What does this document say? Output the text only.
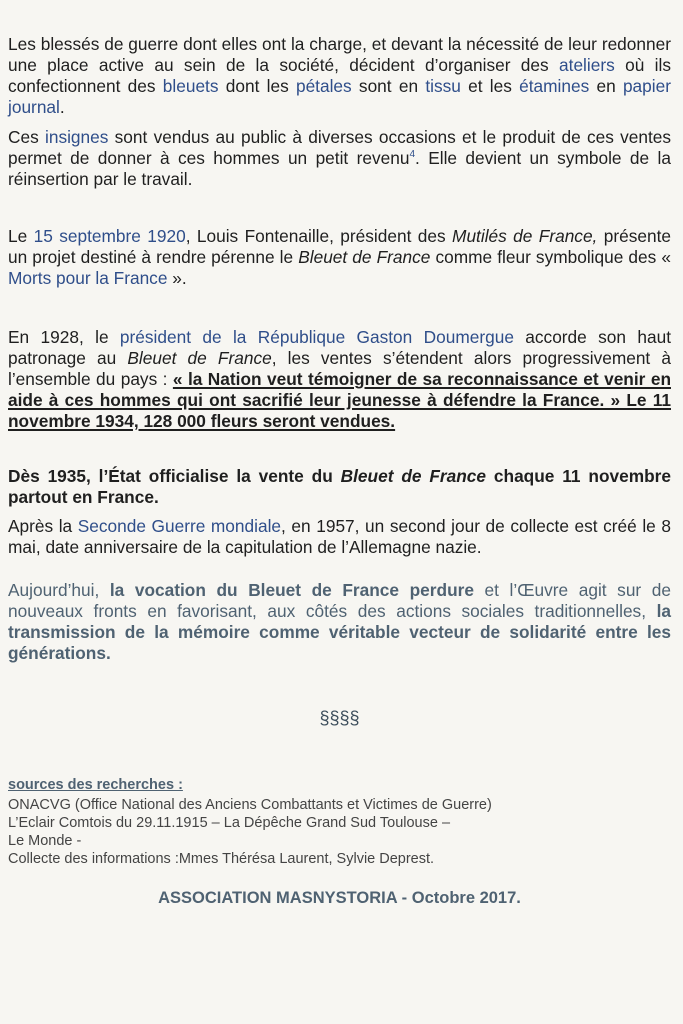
Les blessés de guerre dont elles ont la charge, et devant la nécessité de leur redonner une place active au sein de la société, décident d’organiser des ateliers où ils confectionnent des bleuets dont les pétales sont en tissu et les étamines en papier journal.

Ces insignes sont vendus au public à diverses occasions et le produit de ces ventes permet de donner à ces hommes un petit revenu$^4$. Elle devient un symbole de la réinsertion par le travail.

Le 15 septembre 1920, Louis Fontenaille, président des Mutilés de France, présente un projet destiné à rendre pérenne le Bleuet de France comme fleur symbolique des « Morts pour la France ».

En 1928, le président de la République Gaston Doumergue accorde son haut patronage au Bleuet de France, les ventes s’étendent alors progressivement à l’ensemble du pays : « la Nation veut témoigner de sa reconnaissance et venir en aide à ces hommes qui ont sacrifié leur jeunesse à défendre la France. » Le 11 novembre 1934, 128 000 fleurs seront vendues.

Dès 1935, l’État officialise la vente du Bleuet de France chaque 11 novembre partout en France.

Après la Seconde Guerre mondiale, en 1957, un second jour de collecte est créé le 8 mai, date anniversaire de la capitulation de l’Allemagne nazie.

Aujourd’hui, la vocation du Bleuet de France perdure et l’Œuvre agit sur de nouveaux fronts en favorisant, aux côtés des actions sociales traditionnelles, la transmission de la mémoire comme véritable vecteur de solidarité entre les générations.

§§§§

sources des recherches :

ONACVG (Office National des Anciens Combattants et Victimes de Guerre)

L’Eclair Comtois du 29.11.1915 – La Dépêche Grand Sud Toulouse –

Le Monde -

Collecte des informations :Mmes Thérésa Laurent, Sylvie Deprest.

ASSOCIATION MASNYSTORIA - Octobre 2017.
